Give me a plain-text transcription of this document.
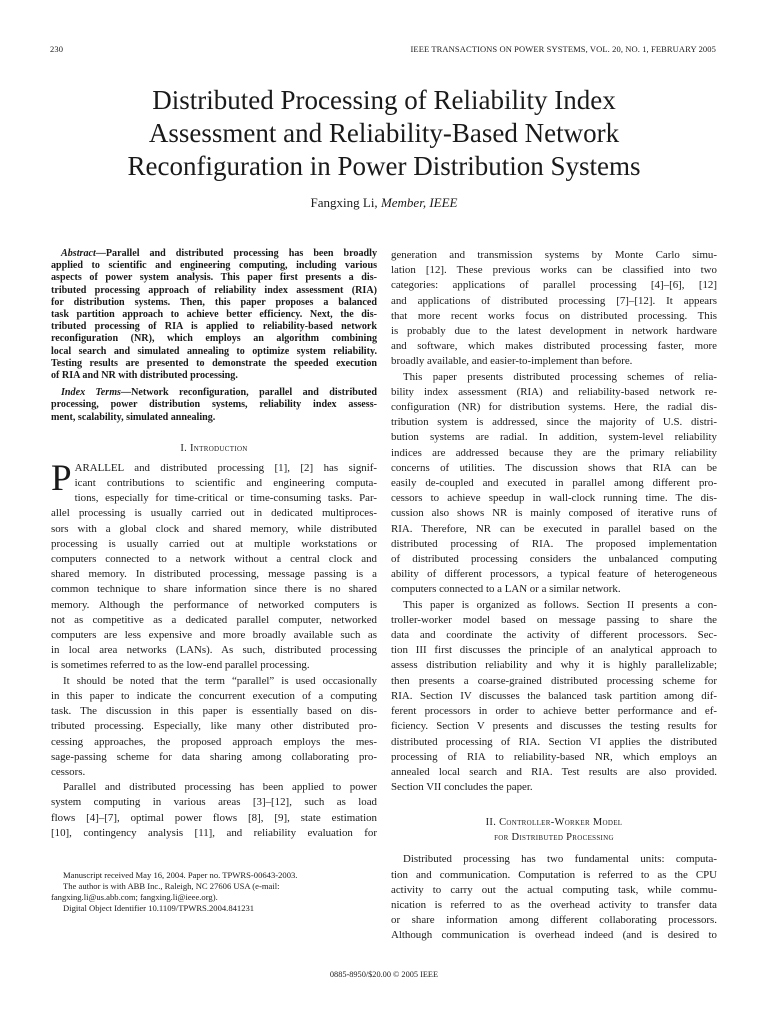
230	IEEE TRANSACTIONS ON POWER SYSTEMS, VOL. 20, NO. 1, FEBRUARY 2005
Distributed Processing of Reliability Index
Assessment and Reliability-Based Network
Reconfiguration in Power Distribution Systems
Fangxing Li, Member, IEEE
Abstract—Parallel and distributed processing has been broadly
applied to scientific and engineering computing, including various
aspects of power system analysis. This paper first presents a dis-
tributed processing approach of reliability index assessment (RIA)
for distribution systems. Then, this paper proposes a balanced
task partition approach to achieve better efficiency. Next, the dis-
tributed processing of RIA is applied to reliability-based network
reconfiguration (NR), which employs an algorithm combining
local search and simulated annealing to optimize system reliability.
Testing results are presented to demonstrate the speeded execution
of RIA and NR with distributed processing.
Index Terms—Network reconfiguration, parallel and distributed
processing, power distribution systems, reliability index assess-
ment, scalability, simulated annealing.
I. Introduction
P ARALLEL and distributed processing [1], [2] has signif-
icant contributions to scientific and engineering computa-
tions, especially for time-critical or time-consuming tasks. Par-
allel processing is usually carried out in dedicated multiproces-
sors with a global clock and shared memory, while distributed
processing is usually carried out at multiple workstations or
computers connected to a network without a central clock and
shared memory. In distributed processing, message passing is a
common technique to share information since there is no shared
memory. Although the performance of networked computers is
not as competitive as a dedicated parallel computer, networked
computers are less expensive and more broadly available such as
in local area networks (LANs). As such, distributed processing
is sometimes referred to as the low-end parallel processing.
It should be noted that the term “parallel” is used occasionally
in this paper to indicate the concurrent execution of a computing
task. The discussion in this paper is essentially based on dis-
tributed processing. Especially, like many other distributed pro-
cessing approaches, the proposed approach employs the mes-
sage-passing scheme for data sharing among collaborating pro-
cessors.
Parallel and distributed processing has been applied to power
system computing in various areas [3]–[12], such as load
flows [4]–[7], optimal power flows [8], [9], state estimation
[10], contingency analysis [11], and reliability evaluation for
Manuscript received May 16, 2004. Paper no. TPWRS-00643-2003.
The author is with ABB Inc., Raleigh, NC 27606 USA (e-mail:
fangxing.li@us.abb.com; fangxing.li@ieee.org).
Digital Object Identifier 10.1109/TPWRS.2004.841231
generation and transmission systems by Monte Carlo simu-
lation [12]. These previous works can be classified into two
categories: applications of parallel processing [4]–[6], [12]
and applications of distributed processing [7]–[12]. It appears
that more recent works focus on distributed processing. This
is probably due to the latest development in network hardware
and software, which makes distributed processing faster, more
broadly available, and easier-to-implement than before.
This paper presents distributed processing schemes of relia-
bility index assessment (RIA) and reliability-based network re-
configuration (NR) for distribution systems. Here, the radial dis-
tribution system is addressed, since the majority of U.S. distri-
bution systems are radial. In addition, system-level reliability
indices are addressed because they are the primary reliability
concerns of utilities. The discussion shows that RIA can be
easily de-coupled and executed in parallel among different pro-
cessors to achieve speedup in wall-clock running time. The dis-
cussion also shows NR is mainly composed of iterative runs of
RIA. Therefore, NR can be executed in parallel based on the
distributed processing of RIA. The proposed implementation
of distributed processing considers the unbalanced computing
ability of different processors, a typical feature of heterogeneous
computers connected to a LAN or a similar network.
This paper is organized as follows. Section II presents a con-
troller-worker model based on message passing to share the
data and coordinate the activity of different processors. Sec-
tion III first discusses the principle of an analytical approach to
assess distribution reliability and why it is highly parallelizable;
then presents a coarse-grained distributed processing scheme for
RIA. Section IV discusses the balanced task partition among dif-
ferent processors in order to achieve better performance and ef-
ficiency. Section V presents and discusses the testing results for
distributed processing of RIA. Section VI applies the distributed
processing of RIA to reliability-based NR, which employs an
annealed local search and RIA. Test results are also provided.
Section VII concludes the paper.
II. Controller-Worker Model
for Distributed Processing
Distributed processing has two fundamental units: computa-
tion and communication. Computation is referred to as the CPU
activity to carry out the actual computing task, while commu-
nication is referred to as the overhead activity to transfer data
or share information among different collaborating processors.
Although communication is overhead indeed (and is desired to
0885-8950/$20.00 © 2005 IEEE
